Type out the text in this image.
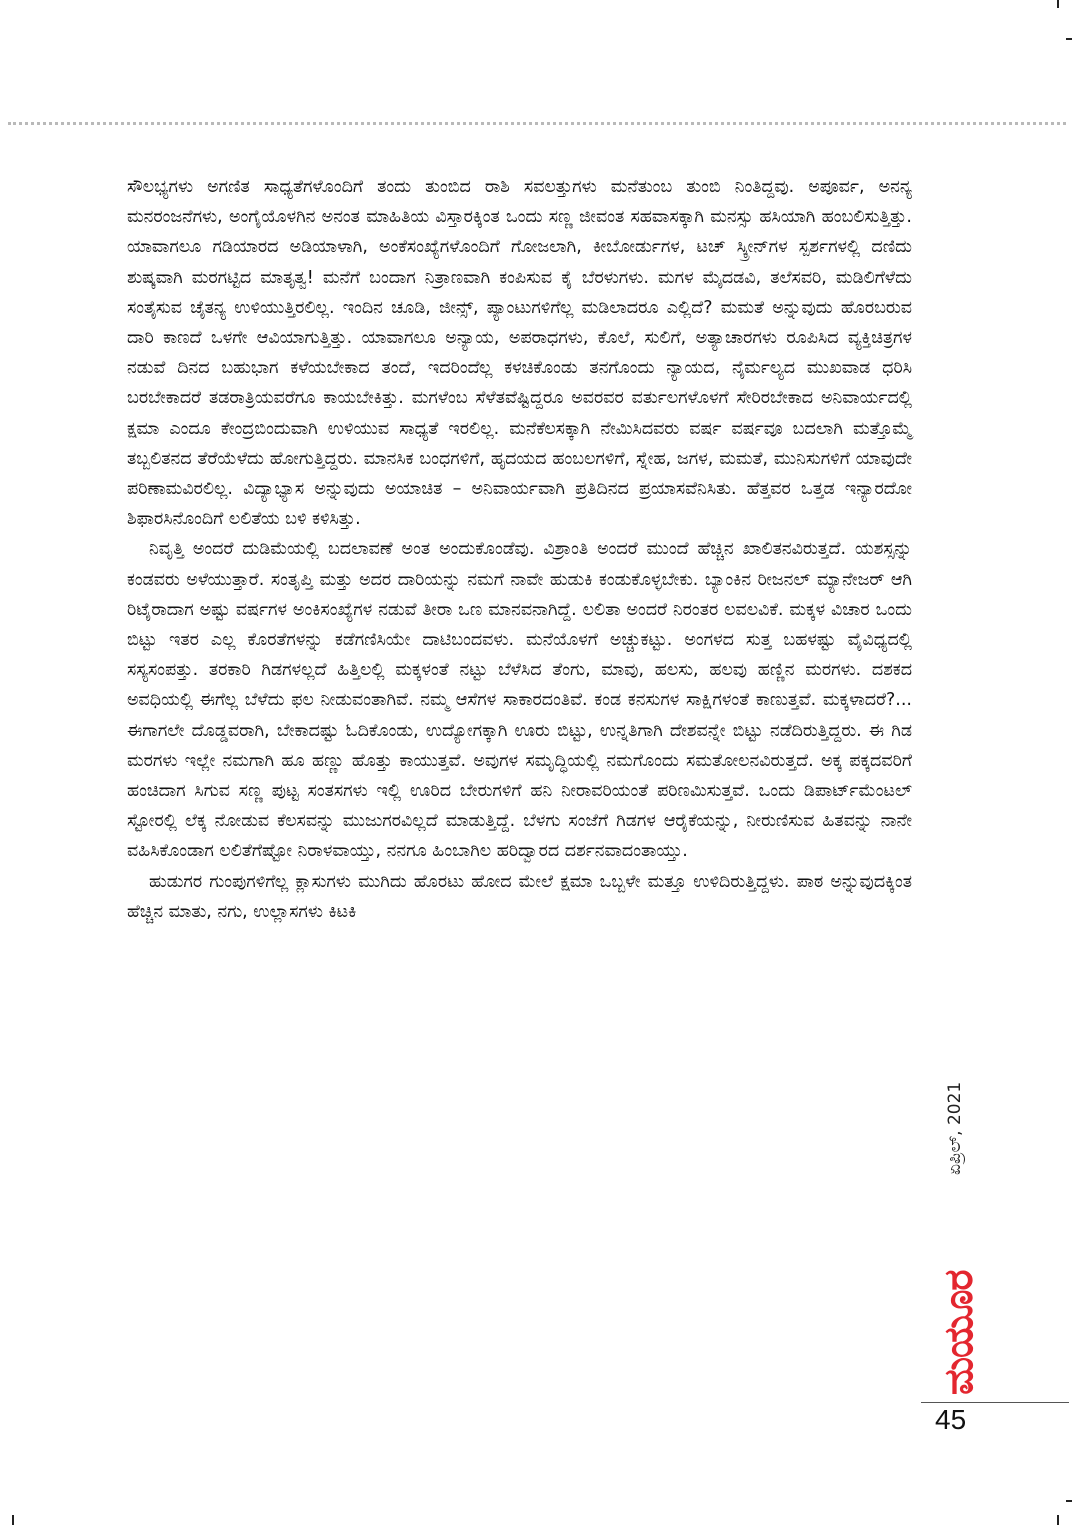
ಸೌಲಭ್ಯಗಳು ಅಗಣಿತ ಸಾಧ್ಯತೆಗಳೊಂದಿಗೆ ತಂದು ತುಂಬಿದ ರಾಶಿ ಸವಲತ್ತುಗಳು ಮನೆತುಂಬ ತುಂಬಿ ನಿಂತಿದ್ದವು. ಅಪೂರ್ವ, ಅನನ್ಯ ಮನರಂಜನೆಗಳು, ಅಂಗೈಯೊಳಗಿನ ಅನಂತ ಮಾಹಿತಿಯ ವಿಸ್ತಾರಕ್ಕಿಂತ ಒಂದು ಸಣ್ಣ ಜೀವಂತ ಸಹವಾಸಕ್ಕಾಗಿ ಮನಸ್ಸು ಹಸಿಯಾಗಿ ಹಂಬಲಿಸುತ್ತಿತ್ತು. ಯಾವಾಗಲೂ ಗಡಿಯಾರದ ಅಡಿಯಾಳಾಗಿ, ಅಂಕೆಸಂಖ್ಯೆಗಳೊಂದಿಗೆ ಗೋಜಲಾಗಿ, ಕೀಬೋರ್ಡುಗಳ, ಟಚ್ ಸ್ಕ್ರೀನ್‌ಗಳ ಸ್ಪರ್ಶಗಳಲ್ಲಿ ದಣಿದು ಶುಷ್ಕವಾಗಿ ಮರಗಟ್ಟಿದ ಮಾತೃತ್ವ! ಮನೆಗೆ ಬಂದಾಗ ನಿತ್ರಾಣವಾಗಿ ಕಂಪಿಸುವ ಕೈ ಬೆರಳುಗಳು. ಮಗಳ ಮೈದಡವಿ, ತಲೆಸವರಿ, ಮಡಿಲಿಗೆಳೆದು ಸಂತೈಸುವ ಚೈತನ್ಯ ಉಳಿಯುತ್ತಿರಲಿಲ್ಲ. ಇಂದಿನ ಚೂಡಿ, ಜೀನ್ಸ್, ಪ್ಯಾಂಟುಗಳಿಗೆಲ್ಲ ಮಡಿಲಾದರೂ ಎಲ್ಲಿದೆ? ಮಮತೆ ಅನ್ನುವುದು ಹೊರಬರುವ ದಾರಿ ಕಾಣದೆ ಒಳಗೇ ಆವಿಯಾಗುತ್ತಿತ್ತು. ಯಾವಾಗಲೂ ಅನ್ಯಾಯ, ಅಪರಾಧಗಳು, ಕೊಲೆ, ಸುಲಿಗೆ, ಅತ್ಯಾಚಾರಗಳು ರೂಪಿಸಿದ ವ್ಯಕ್ತಿಚಿತ್ರಗಳ ನಡುವೆ ದಿನದ ಬಹುಭಾಗ ಕಳೆಯಬೇಕಾದ ತಂದೆ, ಇದರಿಂದೆಲ್ಲ ಕಳಚಿಕೊಂಡು ತನಗೊಂದು ನ್ಯಾಯದ, ನೈರ್ಮಲ್ಯದ ಮುಖವಾಡ ಧರಿಸಿ ಬರಬೇಕಾದರೆ ತಡರಾತ್ರಿಯವರೆಗೂ ಕಾಯಬೇಕಿತ್ತು. ಮಗಳೆಂಬ ಸೆಳೆತವೆಷ್ಟಿದ್ದರೂ ಅವರವರ ವರ್ತುಲಗಳೊಳಗೆ ಸೇರಿರಬೇಕಾದ ಅನಿವಾರ್ಯದಲ್ಲಿ ಕ್ಷಮಾ ಎಂದೂ ಕೇಂದ್ರಬಿಂದುವಾಗಿ ಉಳಿಯುವ ಸಾಧ್ಯತೆ ಇರಲಿಲ್ಲ. ಮನೆಕೆಲಸಕ್ಕಾಗಿ ನೇಮಿಸಿದವರು ವರ್ಷ ವರ್ಷವೂ ಬದಲಾಗಿ ಮತ್ತೊಮ್ಮೆ ತಬ್ಬಲಿತನದ ತೆರೆಯೆಳೆದು ಹೋಗುತ್ತಿದ್ದರು. ಮಾನಸಿಕ ಬಂಧಗಳಿಗೆ, ಹೃದಯದ ಹಂಬಲಗಳಿಗೆ, ಸ್ನೇಹ, ಜಗಳ, ಮಮತೆ, ಮುನಿಸುಗಳಿಗೆ ಯಾವುದೇ ಪರಿಣಾಮವಿರಲಿಲ್ಲ. ವಿದ್ಯಾಭ್ಯಾಸ ಅನ್ನುವುದು ಅಯಾಚಿತ – ಅನಿವಾರ್ಯವಾಗಿ ಪ್ರತಿದಿನದ ಪ್ರಯಾಸವೆನಿಸಿತು. ಹೆತ್ತವರ ಒತ್ತಡ ಇನ್ಯಾರದೋ ಶಿಫಾರಸಿನೊಂದಿಗೆ ಲಲಿತೆಯ ಬಳಿ ಕಳಿಸಿತ್ತು.

ನಿವೃತ್ತಿ ಅಂದರೆ ದುಡಿಮೆಯಲ್ಲಿ ಬದಲಾವಣೆ ಅಂತ ಅಂದುಕೊಂಡೆವು. ವಿಶ್ರಾಂತಿ ಅಂದರೆ ಮುಂದೆ ಹೆಚ್ಚಿನ ಖಾಲಿತನವಿರುತ್ತದೆ. ಯಶಸ್ಸನ್ನು ಕಂಡವರು ಅಳೆಯುತ್ತಾರೆ. ಸಂತೃಪ್ತಿ ಮತ್ತು ಅದರ ದಾರಿಯನ್ನು ನಮಗೆ ನಾವೇ ಹುಡುಕಿ ಕಂಡುಕೊಳ್ಳಬೇಕು. ಬ್ಯಾಂಕಿನ ರೀಜನಲ್ ಮ್ಯಾನೇಜರ್ ಆಗಿ ರಿಟೈರಾದಾಗ ಅಷ್ಟು ವರ್ಷಗಳ ಅಂಕಿಸಂಖ್ಯೆಗಳ ನಡುವೆ ತೀರಾ ಒಣ ಮಾನವನಾಗಿದ್ದೆ. ಲಲಿತಾ ಅಂದರೆ ನಿರಂತರ ಲವಲವಿಕೆ. ಮಕ್ಕಳ ವಿಚಾರ ಒಂದು ಬಿಟ್ಟು ಇತರ ಎಲ್ಲ ಕೊರತೆಗಳನ್ನು ಕಡೆಗಣಿಸಿಯೇ ದಾಟಿಬಂದವಳು. ಮನೆಯೊಳಗೆ ಅಚ್ಚುಕಟ್ಟು. ಅಂಗಳದ ಸುತ್ತ ಬಹಳಷ್ಟು ವೈವಿಧ್ಯದಲ್ಲಿ ಸಸ್ಯಸಂಪತ್ತು. ತರಕಾರಿ ಗಿಡಗಳಲ್ಲದೆ ಹಿತ್ತಿಲಲ್ಲಿ ಮಕ್ಕಳಂತೆ ನಟ್ಟು ಬೆಳೆಸಿದ ತೆಂಗು, ಮಾವು, ಹಲಸು, ಹಲವು ಹಣ್ಣಿನ ಮರಗಳು. ದಶಕದ ಅವಧಿಯಲ್ಲಿ ಈಗೆಲ್ಲ ಬೆಳೆದು ಫಲ ನೀಡುವಂತಾಗಿವೆ. ನಮ್ಮ ಆಸೆಗಳ ಸಾಕಾರದಂತಿವೆ. ಕಂಡ ಕನಸುಗಳ ಸಾಕ್ಷಿಗಳಂತೆ ಕಾಣುತ್ತವೆ. ಮಕ್ಕಳಾದರೆ?... ಈಗಾಗಲೇ ದೊಡ್ಡವರಾಗಿ, ಬೇಕಾದಷ್ಟು ಓದಿಕೊಂಡು, ಉದ್ಯೋಗಕ್ಕಾಗಿ ಊರು ಬಿಟ್ಟು, ಉನ್ನತಿಗಾಗಿ ದೇಶವನ್ನೇ ಬಿಟ್ಟು ನಡೆದಿರುತ್ತಿದ್ದರು. ಈ ಗಿಡ ಮರಗಳು ಇಲ್ಲೇ ನಮಗಾಗಿ ಹೂ ಹಣ್ಣು ಹೊತ್ತು ಕಾಯುತ್ತವೆ. ಅವುಗಳ ಸಮೃದ್ಧಿಯಲ್ಲಿ ನಮಗೊಂದು ಸಮತೋಲನವಿರುತ್ತದೆ. ಅಕ್ಕ ಪಕ್ಕದವರಿಗೆ ಹಂಚಿದಾಗ ಸಿಗುವ ಸಣ್ಣ ಪುಟ್ಟ ಸಂತಸಗಳು ಇಲ್ಲಿ ಊರಿದ ಬೇರುಗಳಿಗೆ ಹನಿ ನೀರಾವರಿಯಂತೆ ಪರಿಣಮಿಸುತ್ತವೆ. ಒಂದು ಡಿಪಾರ್ಟ್‌ಮೆಂಟಲ್ ಸ್ಟೋರಲ್ಲಿ ಲೆಕ್ಕ ನೋಡುವ ಕೆಲಸವನ್ನು ಮುಜುಗರವಿಲ್ಲದೆ ಮಾಡುತ್ತಿದ್ದೆ. ಬೆಳಗು ಸಂಜೆಗೆ ಗಿಡಗಳ ಆರೈಕೆಯನ್ನು, ನೀರುಣಿಸುವ ಹಿತವನ್ನು ನಾನೇ ವಹಿಸಿಕೊಂಡಾಗ ಲಲಿತೆಗೆಷ್ಟೋ ನಿರಾಳವಾಯ್ತು, ನನಗೂ ಹಿಂಬಾಗಿಲ ಹರಿದ್ವಾರದ ದರ್ಶನವಾದಂತಾಯ್ತು.

ಹುಡುಗರ ಗುಂಪುಗಳಿಗೆಲ್ಲ ಕ್ಲಾಸುಗಳು ಮುಗಿದು ಹೊರಟು ಹೋದ ಮೇಲೆ ಕ್ಷಮಾ ಒಬ್ಬಳೇ ಮತ್ತೂ ಉಳಿದಿರುತ್ತಿದ್ದಳು. ಪಾಠ ಅನ್ನುವುದಕ್ಕಿಂತ ಹೆಚ್ಚಿನ ಮಾತು, ನಗು, ಉಲ್ಲಾಸಗಳು ಕಿಟಕಿ

ಏಪ್ರಿಲ್, 2021
ಮಯೂರ
45
